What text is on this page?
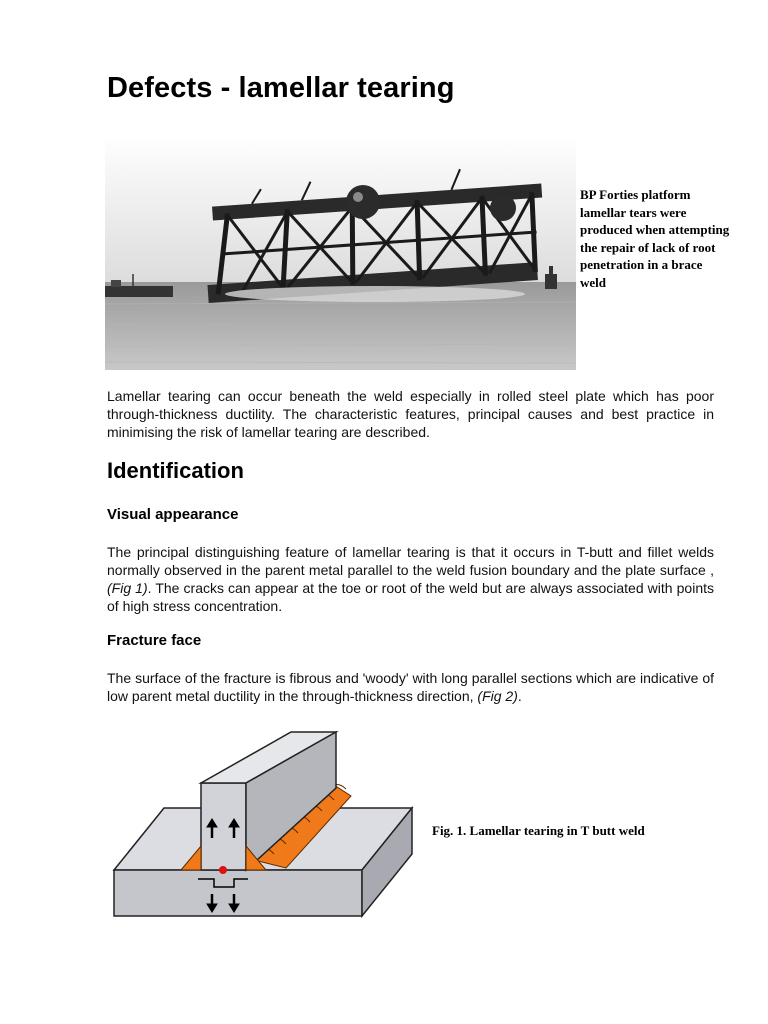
Defects - lamellar tearing
BP Forties platform lamellar tears were produced when attempting the repair of lack of root penetration in a brace weld

Lamellar tearing can occur beneath the weld especially in rolled steel plate which has poor through-thickness ductility. The characteristic features, principal causes and best practice in minimising the risk of lamellar tearing are described.

Identification
Visual appearance

The principal distinguishing feature of lamellar tearing is that it occurs in T-butt and fillet welds normally observed in the parent metal parallel to the weld fusion boundary and the plate surface , (Fig 1). The cracks can appear at the toe or root of the weld but are always associated with points of high stress concentration.

Fracture face

The surface of the fracture is fibrous and 'woody' with long parallel sections which are indicative of low parent metal ductility in the through-thickness direction, (Fig 2).

Fig. 1. Lamellar tearing in T butt weld
